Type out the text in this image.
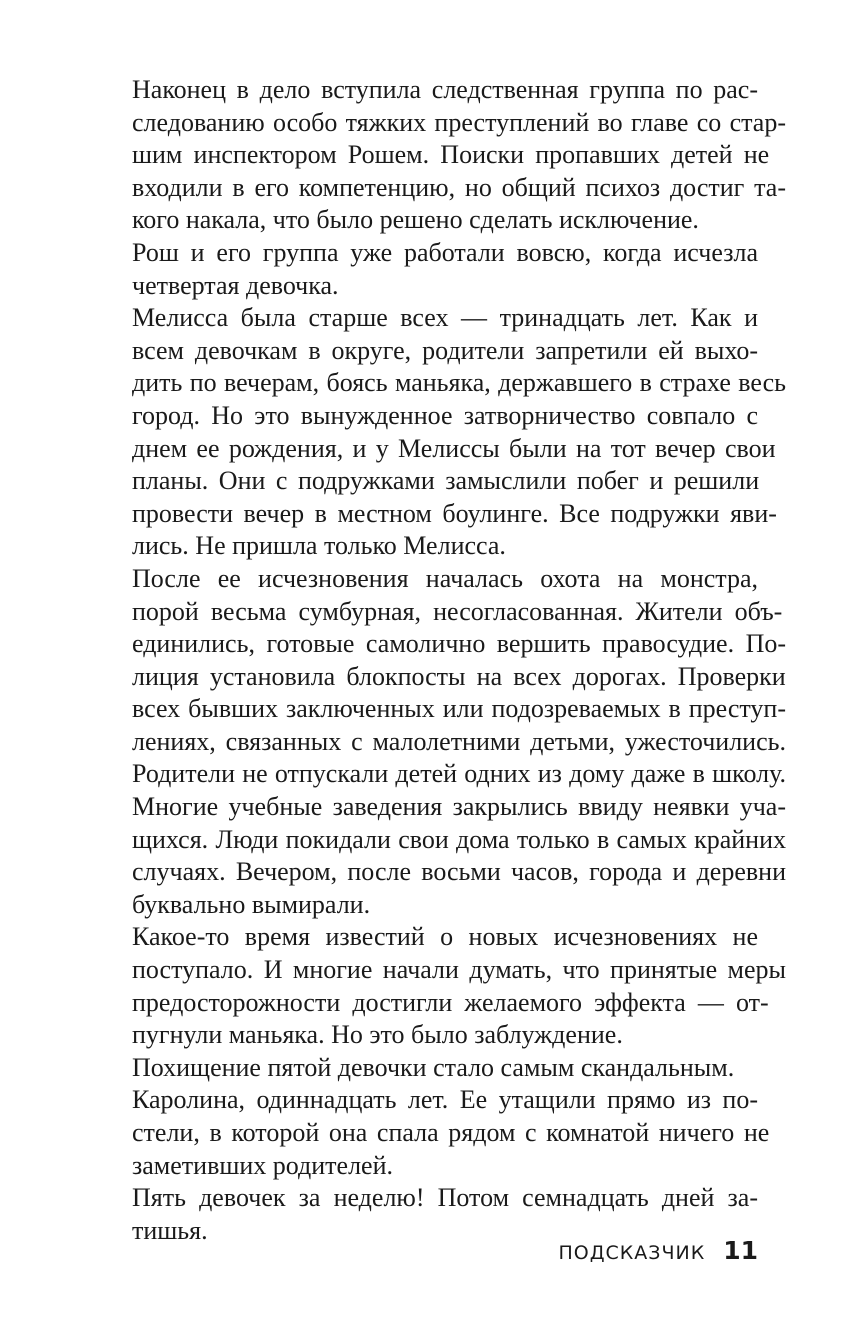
Наконец в дело вступила следственная группа по рас-
следованию особо тяжких преступлений во главе со стар-
шим инспектором Рошем. Поиски пропавших детей не
входили в его компетенцию, но общий психоз достиг та-
кого накала, что было решено сделать исключение.

Рош и его группа уже работали вовсю, когда исчезла
четвертая девочка.

Мелисса была старше всех — тринадцать лет. Как и
всем девочкам в округе, родители запретили ей выхо-
дить по вечерам, боясь маньяка, державшего в страхе весь
город. Но это вынужденное затворничество совпало с
днем ее рождения, и у Мелиссы были на тот вечер свои
планы. Они с подружками замыслили побег и решили
провести вечер в местном боулинге. Все подружки яви-
лись. Не пришла только Мелисса.

После ее исчезновения началась охота на монстра,
порой весьма сумбурная, несогласованная. Жители объ-
единились, готовые самолично вершить правосудие. По-
лиция установила блокпосты на всех дорогах. Проверки
всех бывших заключенных или подозреваемых в преступ-
лениях, связанных с малолетними детьми, ужесточились.
Родители не отпускали детей одних из дому даже в школу.
Многие учебные заведения закрылись ввиду неявки уча-
щихся. Люди покидали свои дома только в самых крайних
случаях. Вечером, после восьми часов, города и деревни
буквально вымирали.

Какое-то время известий о новых исчезновениях не
поступало. И многие начали думать, что принятые меры
предосторожности достигли желаемого эффекта — от-
пугнули маньяка. Но это было заблуждение.

Похищение пятой девочки стало самым скандальным.

Каролина, одиннадцать лет. Ее утащили прямо из по-
стели, в которой она спала рядом с комнатой ничего не
заметивших родителей.

Пять девочек за неделю! Потом семнадцать дней за-
тишья.

ПОДСКАЗЧИК 11
